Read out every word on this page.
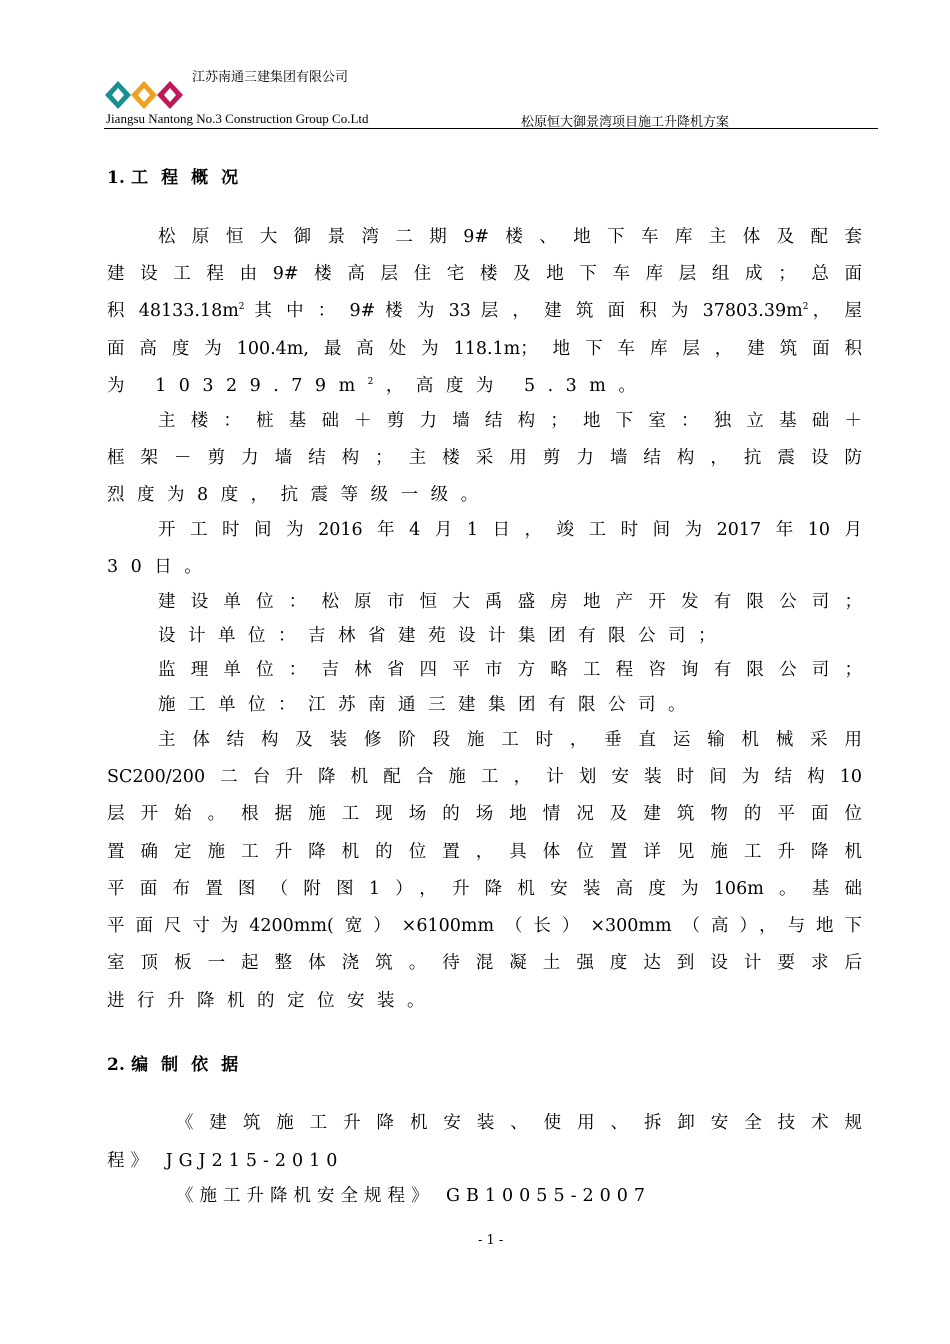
江苏南通三建集团有限公司
Jiangsu Nantong No.3 Construction Group Co.Ltd	松原恒大御景湾项目施工升降机方案
1. 工程概况
松原恒大御景湾二期9#楼、地下车库主体及配套
建设工程由9#楼高层住宅楼及地下车库层组成；总面
积 $48133.18m^2$ 其 中 ： 9# 楼 为 33 层 ， 建 筑 面 积 为 $37803.39m^2$， 屋
面高度为100.4m,最高处为118.1m；地下车库层，建筑面积
为 $10329.79m^2$，高度为 5.3m。
主楼：桩基础＋剪力墙结构；地下室：独立基础＋
框架－剪力墙结构；主楼采用剪力墙结构，抗震设防
烈度为8度，抗震等级一级。
开工时间为2016年4月1日，竣工时间为2017年10月
30日。
建设单位：松原市恒大禹盛房地产开发有限公司；
设计单位：吉林省建苑设计集团有限公司；
监理单位：吉林省四平市方略工程咨询有限公司；
施工单位：江苏南通三建集团有限公司。
主体结构及装修阶段施工时，垂直运输机械采用
SC200/200二台升降机配合施工，计划安装时间为结构10
层开始。根据施工现场的场地情况及建筑物的平面位
置确定施工升降机的位置，具体位置详见施工升降机
平面布置图（附图1），升降机安装高度为106m。基础
平面尺寸为4200mm(宽）×6100mm（长）×300mm（高），与地下
室顶板一起整体浇筑。待混凝土强度达到设计要求后
进行升降机的定位安装。
2. 编制依据
《建筑施工升降机安装、使用、拆卸安全技术规
程》 JGJ215-2010
《施工升降机安全规程》 GB10055-2007
- 1 -
